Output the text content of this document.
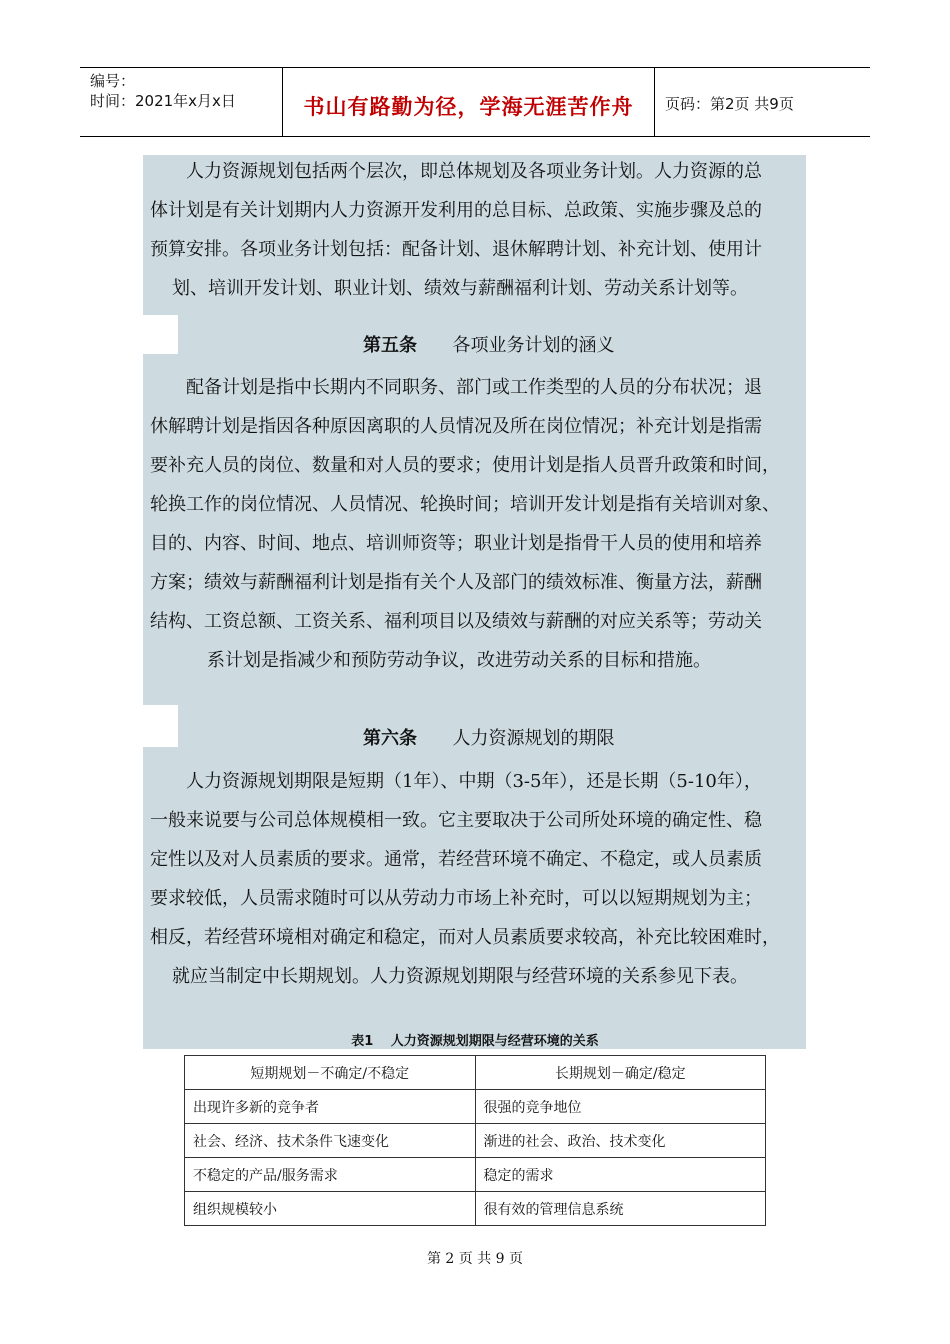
编号：
时间：2021年x月x日	书山有路勤为径，学海无涯苦作舟	页码：第2页 共9页
　　人力资源规划包括两个层次，即总体规划及各项业务计划。人力资源的总
体计划是有关计划期内人力资源开发利用的总目标、总政策、实施步骤及总的
预算安排。各项业务计划包括：配备计划、退休解聘计划、补充计划、使用计
划、培训开发计划、职业计划、绩效与薪酬福利计划、劳动关系计划等。
第五条 各项业务计划的涵义
　　配备计划是指中长期内不同职务、部门或工作类型的人员的分布状况；退
休解聘计划是指因各种原因离职的人员情况及所在岗位情况；补充计划是指需
要补充人员的岗位、数量和对人员的要求；使用计划是指人员晋升政策和时间，
轮换工作的岗位情况、人员情况、轮换时间；培训开发计划是指有关培训对象、
目的、内容、时间、地点、培训师资等；职业计划是指骨干人员的使用和培养
方案；绩效与薪酬福利计划是指有关个人及部门的绩效标准、衡量方法，薪酬
结构、工资总额、工资关系、福利项目以及绩效与薪酬的对应关系等；劳动关
系计划是指减少和预防劳动争议，改进劳动关系的目标和措施。
第六条 人力资源规划的期限
　　人力资源规划期限是短期（1年）、中期（3-5年），还是长期（5-10年），
一般来说要与公司总体规模相一致。它主要取决于公司所处环境的确定性、稳
定性以及对人员素质的要求。通常，若经营环境不确定、不稳定，或人员素质
要求较低，人员需求随时可以从劳动力市场上补充时，可以以短期规划为主；
相反，若经营环境相对确定和稳定，而对人员素质要求较高，补充比较困难时，
就应当制定中长期规划。人力资源规划期限与经营环境的关系参见下表。
表1　 人力资源规划期限与经营环境的关系
短期规划－不确定/不稳定	长期规划－确定/稳定
出现许多新的竞争者	很强的竞争地位
社会、经济、技术条件飞速变化	渐进的社会、政治、技术变化
不稳定的产品/服务需求	稳定的需求
组织规模较小	很有效的管理信息系统
第 2 页 共 9 页
